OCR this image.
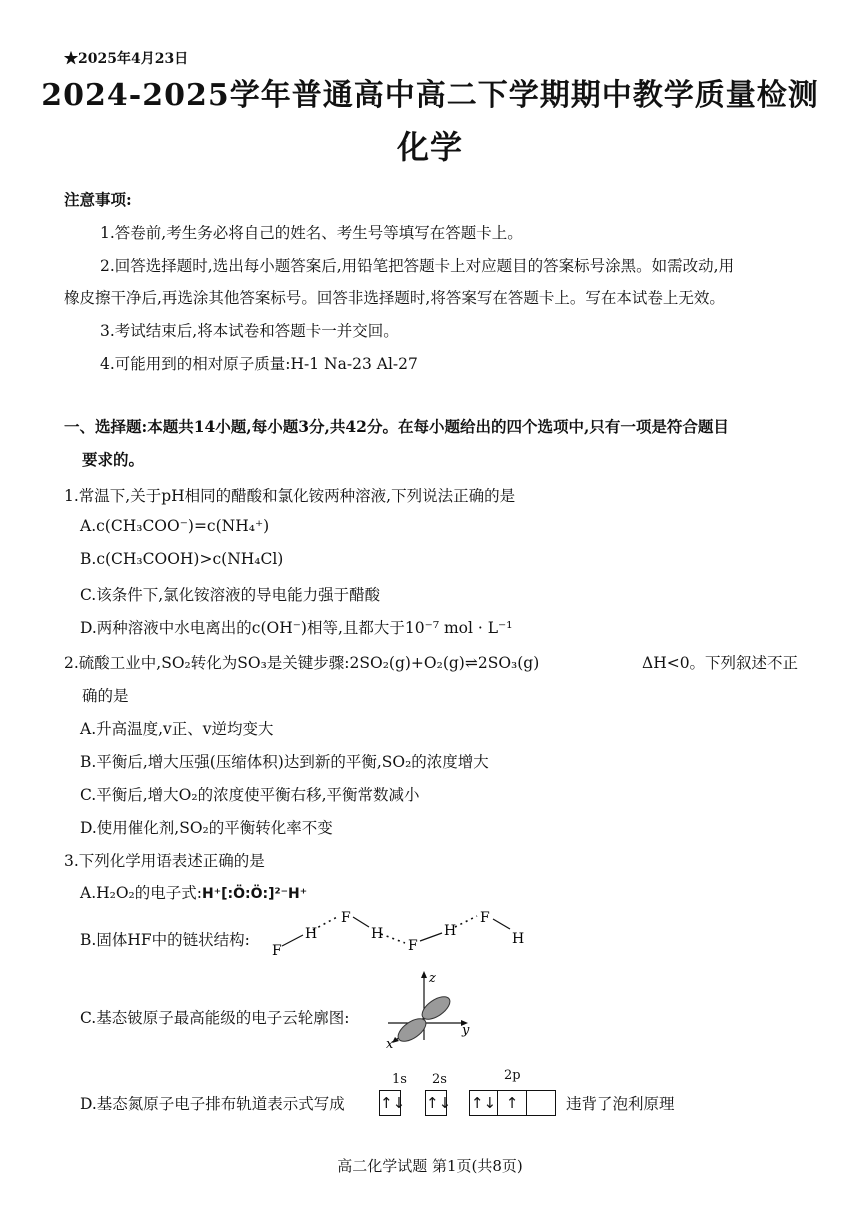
★2025年4月23日
2024-2025学年普通高中高二下学期期中教学质量检测
化学
注意事项:
1.答卷前,考生务必将自己的姓名、考生号等填写在答题卡上。
2.回答选择题时,选出每小题答案后,用铅笔把答题卡上对应题目的答案标号涂黑。如需改动,用
橡皮擦干净后,再选涂其他答案标号。回答非选择题时,将答案写在答题卡上。写在本试卷上无效。
3.考试结束后,将本试卷和答题卡一并交回。
4.可能用到的相对原子质量:H-1 Na-23 Al-27
一、选择题:本题共14小题,每小题3分,共42分。在每小题给出的四个选项中,只有一项是符合题目
要求的。
1.常温下,关于pH相同的醋酸和氯化铵两种溶液,下列说法正确的是
A.c(CH₃COO⁻)=c(NH₄⁺)
B.c(CH₃COOH)>c(NH₄Cl)
C.该条件下,氯化铵溶液的导电能力强于醋酸
D.两种溶液中水电离出的c(OH⁻)相等,且都大于10⁻⁷ mol · L⁻¹
2.硫酸工业中,SO₂转化为SO₃是关键步骤:2SO₂(g)+O₂(g)⇌2SO₃(g)	ΔH<0。下列叙述不正
确的是
A.升高温度,v正、v逆均变大
B.平衡后,增大压强(压缩体积)达到新的平衡,SO₂的浓度增大
C.平衡后,增大O₂的浓度使平衡右移,平衡常数减小
D.使用催化剂,SO₂的平衡转化率不变
3.下列化学用语表述正确的是
A.H₂O₂的电子式:H⁺[:Ö:Ö:]²⁻H⁺
B.固体HF中的链状结构:
F
H
F
H
F
H
F
H
C.基态铍原子最高能级的电子云轮廓图:
z
y
x
D.基态氮原子电子排布轨道表示式写成
1s 2s	2p
↑↓ ↑↓ ↑↓ ↑	违背了泡利原理
高二化学试题 第1页(共8页)
